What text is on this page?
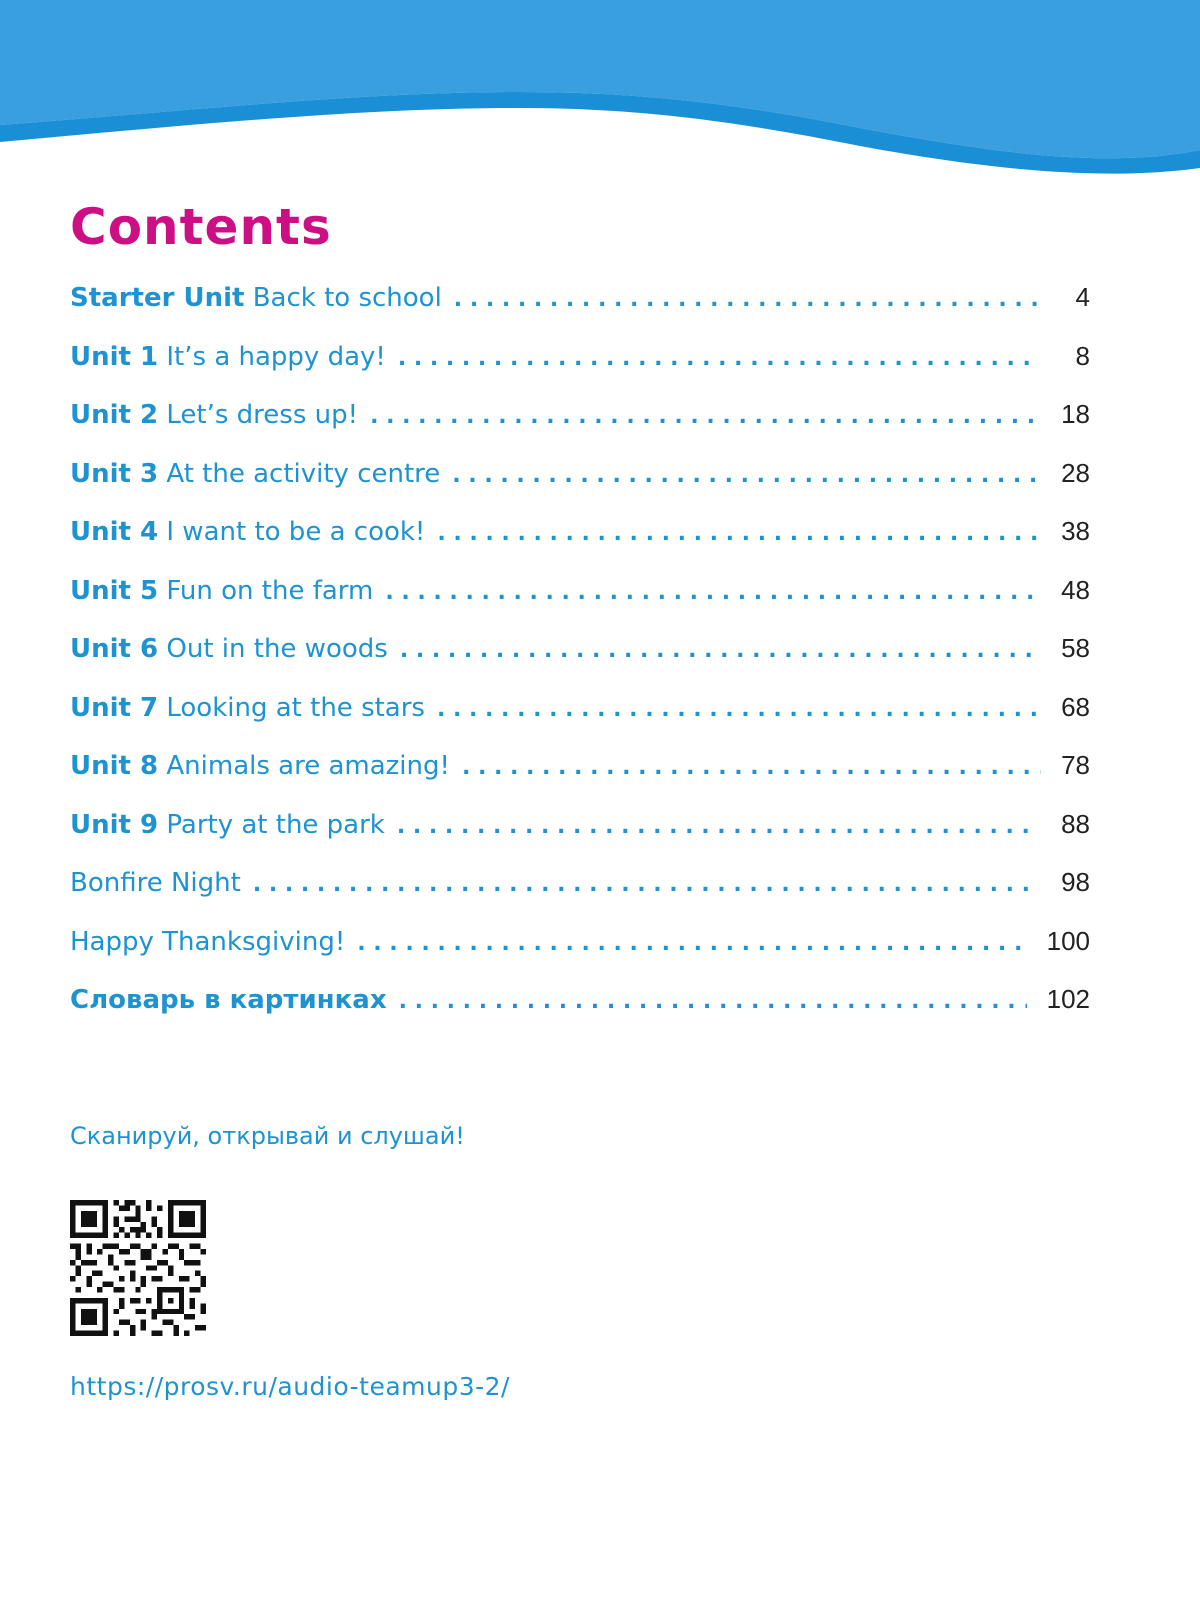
Contents
Starter Unit Back to school . . .	4
Unit 1 It’s a happy day! . . .	8
Unit 2 Let’s dress up! . . .	18
Unit 3 At the activity centre . . .	28
Unit 4 I want to be a cook! . . .	38
Unit 5 Fun on the farm . . .	48
Unit 6 Out in the woods . . .	58
Unit 7 Looking at the stars . . .	68
Unit 8 Animals are amazing! . . .	78
Unit 9 Party at the park . . .	88
Bonfire Night . . .	98
Happy Thanksgiving! . . .	100
Словарь в картинках . . .	102

Сканируй, открывай и слушай!

https://prosv.ru/audio-teamup3-2/
